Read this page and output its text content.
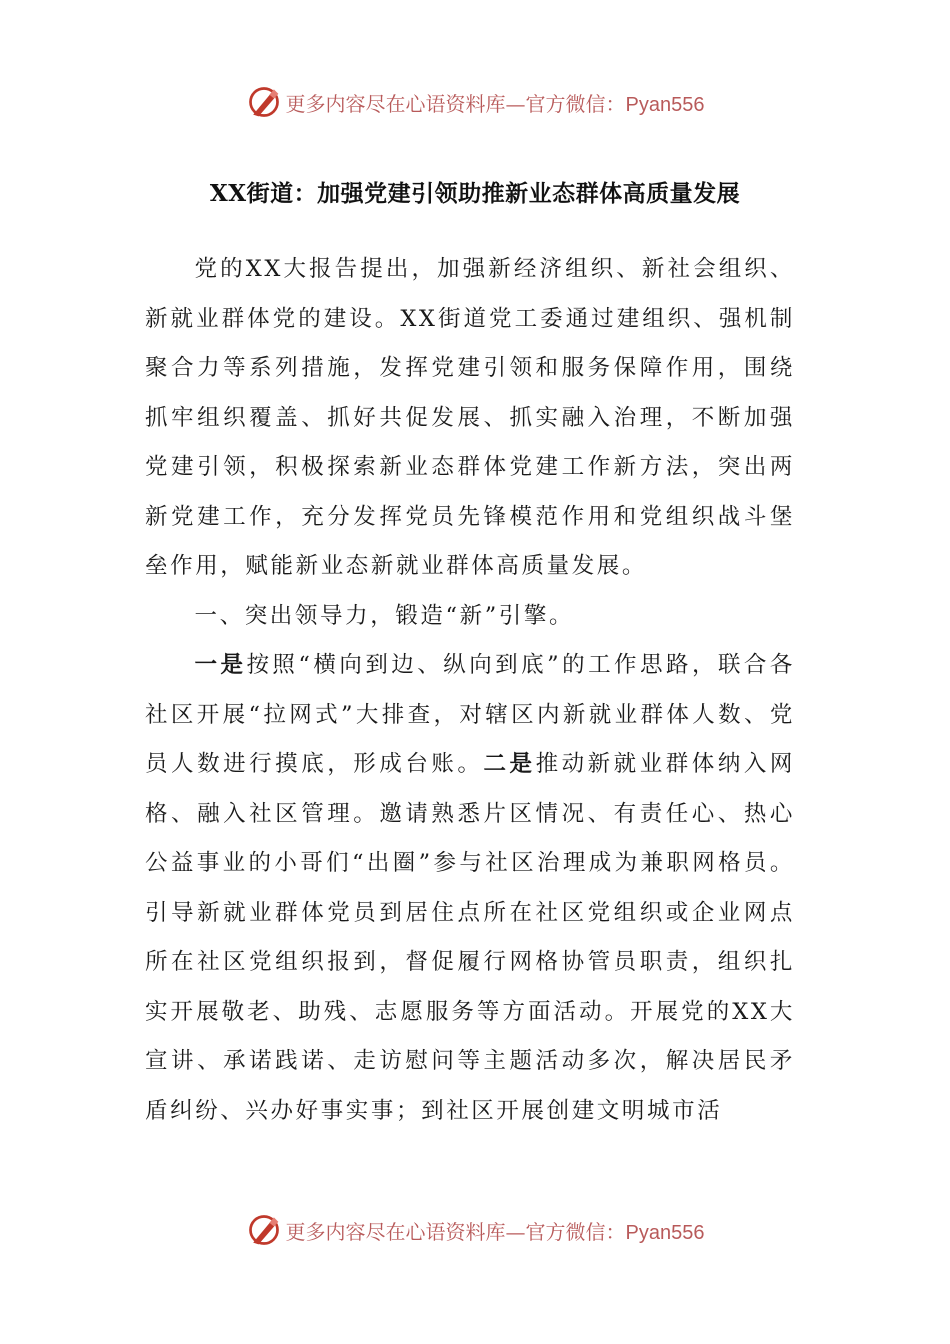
更多内容尽在心语资料库—官方微信：Pyan556
XX街道：加强党建引领助推新业态群体高质量发展

党的XX大报告提出，加强新经济组织、新社会组织、新就业群体党的建设。XX街道党工委通过建组织、强机制聚合力等系列措施，发挥党建引领和服务保障作用，围绕抓牢组织覆盖、抓好共促发展、抓实融入治理，不断加强党建引领，积极探索新业态群体党建工作新方法，突出两新党建工作，充分发挥党员先锋模范作用和党组织战斗堡垒作用，赋能新业态新就业群体高质量发展。

一、突出领导力，锻造“新”引擎。

一是按照“横向到边、纵向到底”的工作思路，联合各社区开展“拉网式”大排查，对辖区内新就业群体人数、党员人数进行摸底，形成台账。二是推动新就业群体纳入网格、融入社区管理。邀请熟悉片区情况、有责任心、热心公益事业的小哥们“出圈”参与社区治理成为兼职网格员。引导新就业群体党员到居住点所在社区党组织或企业网点所在社区党组织报到，督促履行网格协管员职责，组织扎实开展敬老、助残、志愿服务等方面活动。开展党的XX大宣讲、承诺践诺、走访慰问等主题活动多次，解决居民矛盾纠纷、兴办好事实事；到社区开展创建文明城市活

更多内容尽在心语资料库—官方微信：Pyan556
